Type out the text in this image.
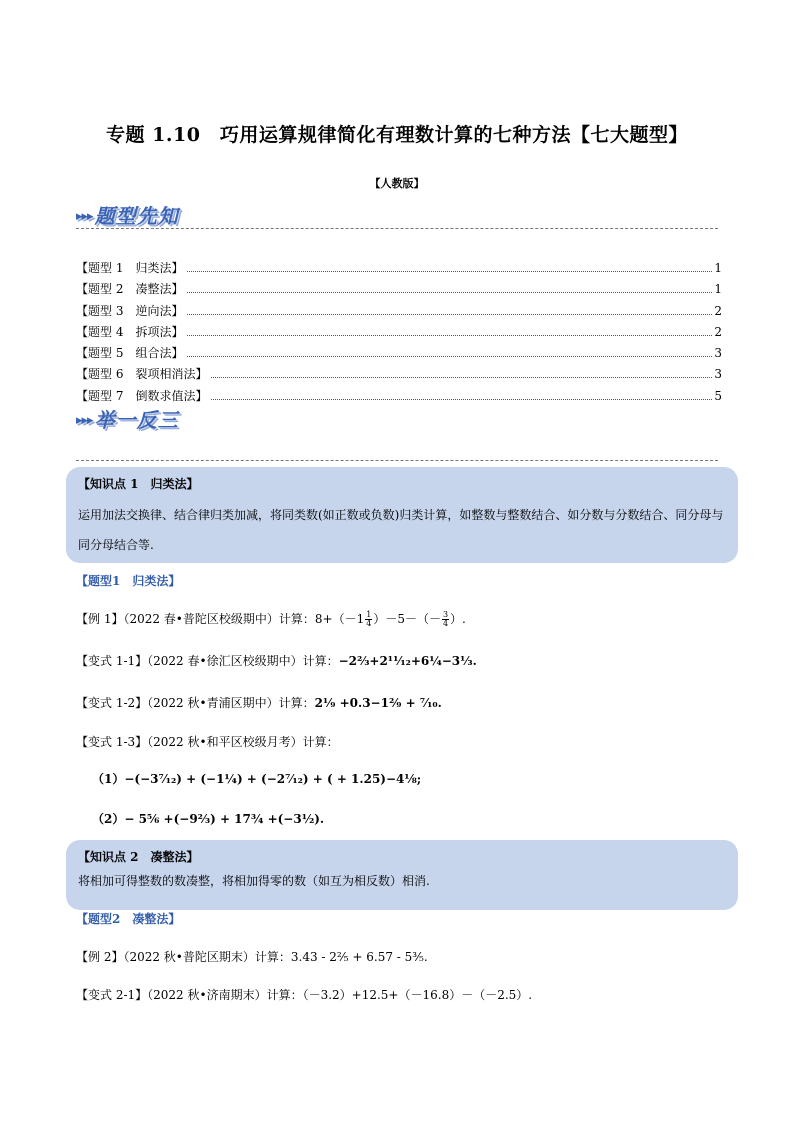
专题 1.10　巧用运算规律简化有理数计算的七种方法【七大题型】
【人教版】
▸▸▸ 题型先知
【题型 1　归类法】	1
【题型 2　凑整法】	1
【题型 3　逆向法】	2
【题型 4　拆项法】	2
【题型 5　组合法】	3
【题型 6　裂项相消法】	3
【题型 7　倒数求值法】	5
▸▸▸ 举一反三
【知识点 1　归类法】
运用加法交换律、结合律归类加减，将同类数(如正数或负数)归类计算，如整数与整数结合、如分数与分数结合、同分母与同分母结合等.
【题型1　归类法】
【例 1】（2022 春•普陀区校级期中）计算：$8+(-1 \frac{1}{4} )-5-(- \frac{3}{4}$ ）.
【变式 1-1】（2022 春•徐汇区校级期中）计算：−2⅔+2¹¹⁄₁₂+6¼−3⅓.
【变式 1-2】（2022 秋•青浦区期中）计算：2¹⁄₉ +0.3−1²⁄₉ + ⁷⁄₁₀.
【变式 1-3】（2022 秋•和平区校级月考）计算：
（1）−(−3⁷⁄₁₂) + (−1¼) + (−2⁷⁄₁₂) + ( + 1.25)−4⅛;
（2）− 5⅚ +(−9⅔) + 17¾ +(−3½).
【知识点 2　凑整法】
将相加可得整数的数凑整，将相加得零的数（如互为相反数）相消.
【题型2　凑整法】
【例 2】（2022 秋•普陀区期末）计算：3.43 - 2⅖ + 6.57 - 5⅗.
【变式 2-1】（2022 秋•济南期末）计算：（－3.2）+12.5+（－16.8）－（－2.5）.
